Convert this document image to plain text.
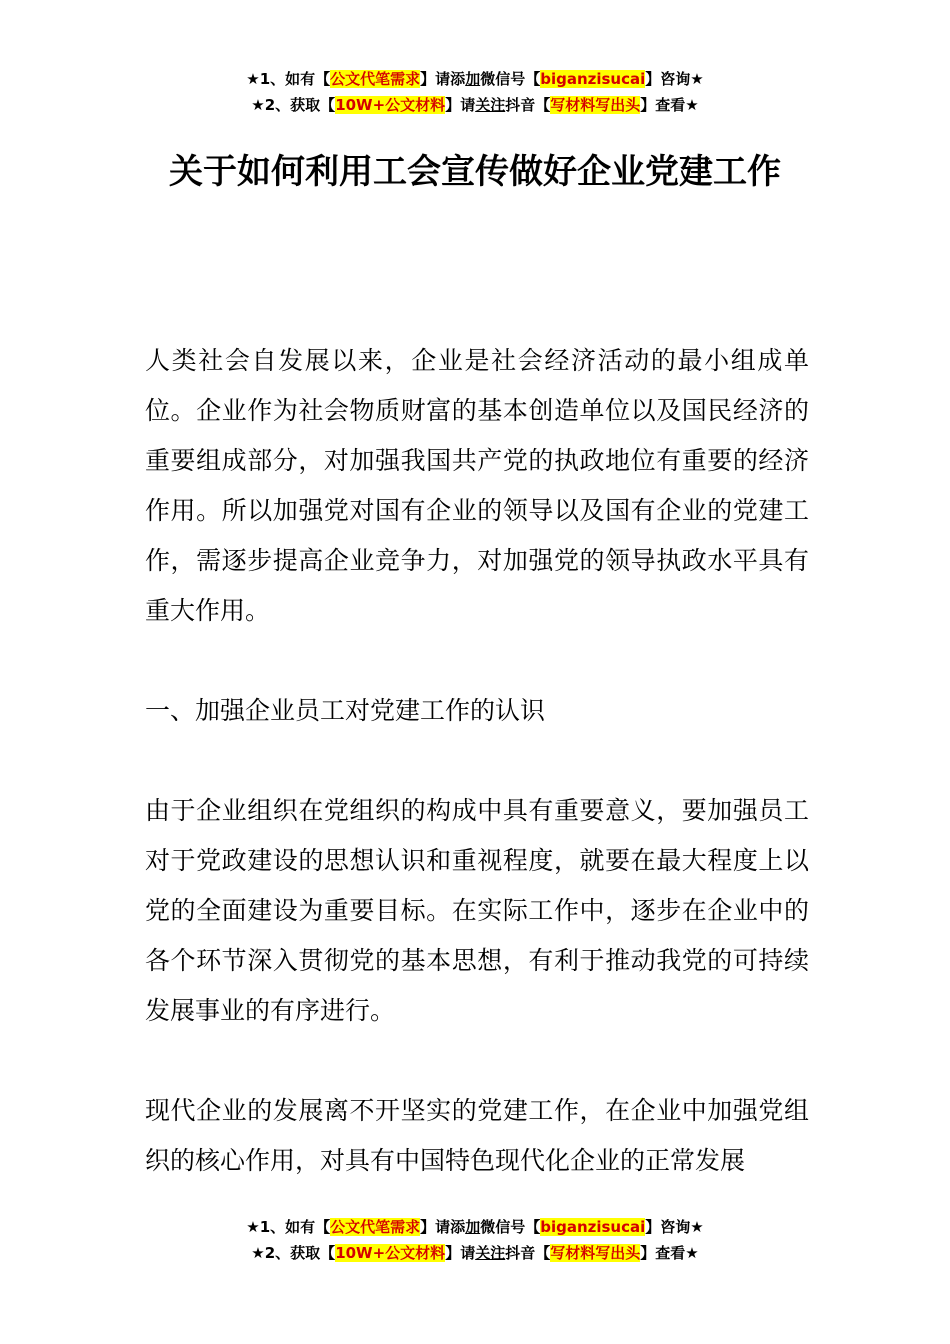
★1、如有【公文代笔需求】请添加微信号【biganzisucai】咨询★
★2、获取【10W+公文材料】请关注抖音【写材料写出头】查看★
关于如何利用工会宣传做好企业党建工作

人类社会自发展以来，企业是社会经济活动的最小组成单位。企业作为社会物质财富的基本创造单位以及国民经济的重要组成部分，对加强我国共产党的执政地位有重要的经济作用。所以加强党对国有企业的领导以及国有企业的党建工作，需逐步提高企业竞争力，对加强党的领导执政水平具有重大作用。

一、加强企业员工对党建工作的认识

由于企业组织在党组织的构成中具有重要意义，要加强员工对于党政建设的思想认识和重视程度，就要在最大程度上以党的全面建设为重要目标。在实际工作中，逐步在企业中的各个环节深入贯彻党的基本思想，有利于推动我党的可持续发展事业的有序进行。

现代企业的发展离不开坚实的党建工作，在企业中加强党组织的核心作用，对具有中国特色现代化企业的正常发展

★1、如有【公文代笔需求】请添加微信号【biganzisucai】咨询★
★2、获取【10W+公文材料】请关注抖音【写材料写出头】查看★
